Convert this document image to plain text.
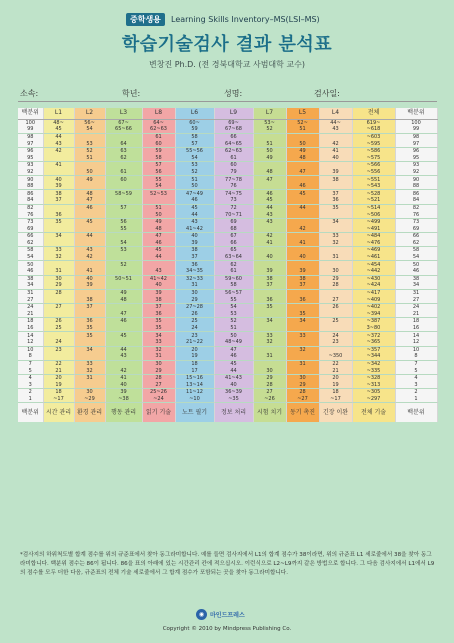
중학생용	Learning Skills Inventory–MS(LSI–MS)
학습기술검사 결과 분석표
변창진 Ph.D. (전 경북대학교 사범대학 교수)
소속:	학년:	성명:	검사일:
백분위	L1	L2	L3	L8	L6	L9	L7	L5	L4	전체	백분위
100	48~	56~	67~	64~	60~	69~	53~	52~	44~	619~	100
99	45	54	65~66	62~63	59	67~68	52	51	43	~618	99
98	44			61	58	66				~603	98
97	43	53	64	60	57	64~65	51	50	42	~595	97
96	42	52	63	59	55~56	62~63	50	49	41	~586	96
95		51	62	58	54	61	49	48	40	~575	95
93	41			57	53	60				~566	93
92		50	61	56	52	79	48	47	39	~556	92
90	40	49	60	55	51	77~78	47		38	~551	90
88	39			54	50	76		46		~543	88
86	38	48	58~59	52~53	47~49	74~75	46	45	37	~528	86
84	37	47			46	73	45		36	~521	84
82		46	57	51	45	72	44	44	35	~514	82
76	36			50	44	70~71	43			~506	76
73	35	45	56	49	43	69	43		34	~499	73
69			55	48	41~42	68		42		~491	69
66	34	44		47	40	67	42		33	~484	66
62			54	46	39	66	41	41	32	~476	62
58	33	43	53	45	38	65				~469	58
54	32	42		44	37	63~64	40	40	31	~461	54
50			52		36	62				~454	50
46	31	41		43	34~35	61	39	39	30	~442	46
38	30	40	50~51	41~42	32~33	59~60	38	38	29	~430	38
34	29	39		40	31	58	37	37	28	~424	34
31	28		49	39	30	56~57				~417	31
27		38	48	38	29	55	36	36	27	~409	27
24	27	37		37	27~28	54	35		26	~402	24
21			47	36	26	53		35		~394	21
18	26	36	46	35	25	52	34	34	25	~387	18
16	25	35		35	24	51				3~80	16
14		35	45	34	23	50	33	33	24	~372	14
12	24			33	21~22	48~49	32		23	~365	12
10	23	34	44	32	20	47		32		~357	10
8			43	31	19	46	31		~350	~344	8
7	22	33		30	18	45		31	22	~342	7
5	21	32	42	29	17	44	30		21	~335	5
4	20	31	41	28	15~16	41~43	29	30	20	~328	4
3	19		40	27	13~14	40	28	29	19	~313	3
2	18	30	39	25~26	11~12	36~39	27	28	18	~305	2
1	~17	~29	~38	~24	~10	~35	~26	~27	~17	~297	1
백분위	시간 관리	환경 관리	행동 관리	읽기 기술	노트 필기	정보 처리	시험 치기	동기 촉진	긴장 이완	전체 기술	백분위
*검사지의 하위척도별 합계 점수를 위의 규준표에서 찾아 동그라미합니다. 예를 들면 검사지에서 L1의 합계 점수가 38이라면, 위의 규준표 L1 세로줄에서 38을 찾아 동그라미합니다. 백분위 점수는 86이 됩니다. 86을 표의 아래에 있는 시간관리 칸에 적으십시오. 이런식으로 L2~L9까지 같은 방법으로 합니다. 그 다음 검사지에서 L1에서 L9의 점수를 모두 더한 다음, 규준표의 전체 기술 세로줄에서 그 합계 점수가 포함되는 곳을 찾아 동그라미합니다.
◉ 마인드프레스
Copyright © 2010 by Mindpress Publishing Co.
